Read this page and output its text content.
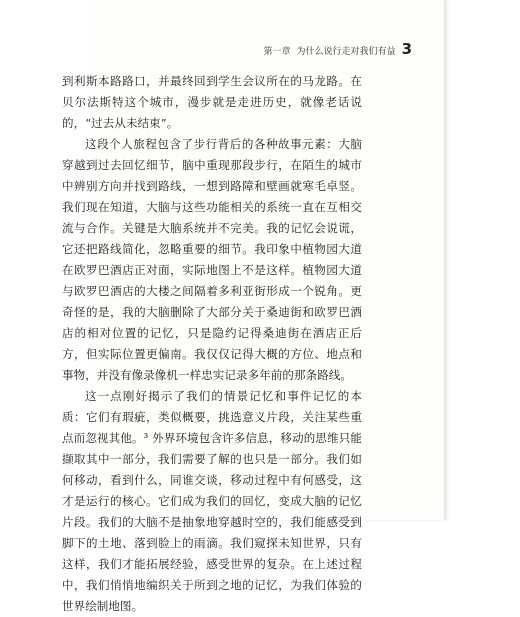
第一章 为什么说行走对我们有益 3

到利斯本路路口，并最终回到学生会议所在的马龙路。在贝尔法斯特这个城市，漫步就是走进历史，就像老话说的，“过去从未结束”。

这段个人旅程包含了步行背后的各种故事元素：大脑穿越到过去回忆细节，脑中重现那段步行，在陌生的城市中辨别方向并找到路线，一想到路障和壁画就寒毛卓竖。我们现在知道，大脑与这些功能相关的系统一直在互相交流与合作。关键是大脑系统并不完美。我的记忆会说谎，它还把路线简化，忽略重要的细节。我印象中植物园大道在欧罗巴酒店正对面，实际地图上不是这样。植物园大道与欧罗巴酒店的大楼之间隔着多利亚街形成一个锐角。更奇怪的是，我的大脑删除了大部分关于桑迪街和欧罗巴酒店的相对位置的记忆，只是隐约记得桑迪街在酒店正后方，但实际位置更偏南。我仅仅记得大概的方位、地点和事物，并没有像录像机一样忠实记录多年前的那条路线。

这一点刚好揭示了我们的情景记忆和事件记忆的本质：它们有瑕疵，类似概要，挑选意义片段，关注某些重点而忽视其他。³ 外界环境包含许多信息，移动的思维只能撷取其中一部分，我们需要了解的也只是一部分。我们如何移动，看到什么，同谁交谈，移动过程中有何感受，这才是运行的核心。它们成为我们的回忆，变成大脑的记忆片段。我们的大脑不是抽象地穿越时空的，我们能感受到脚下的土地、落到脸上的雨滴。我们窥探未知世界，只有这样，我们才能拓展经验，感受世界的复杂。在上述过程中，我们悄悄地编织关于所到之地的记忆，为我们体验的世界绘制地图。
